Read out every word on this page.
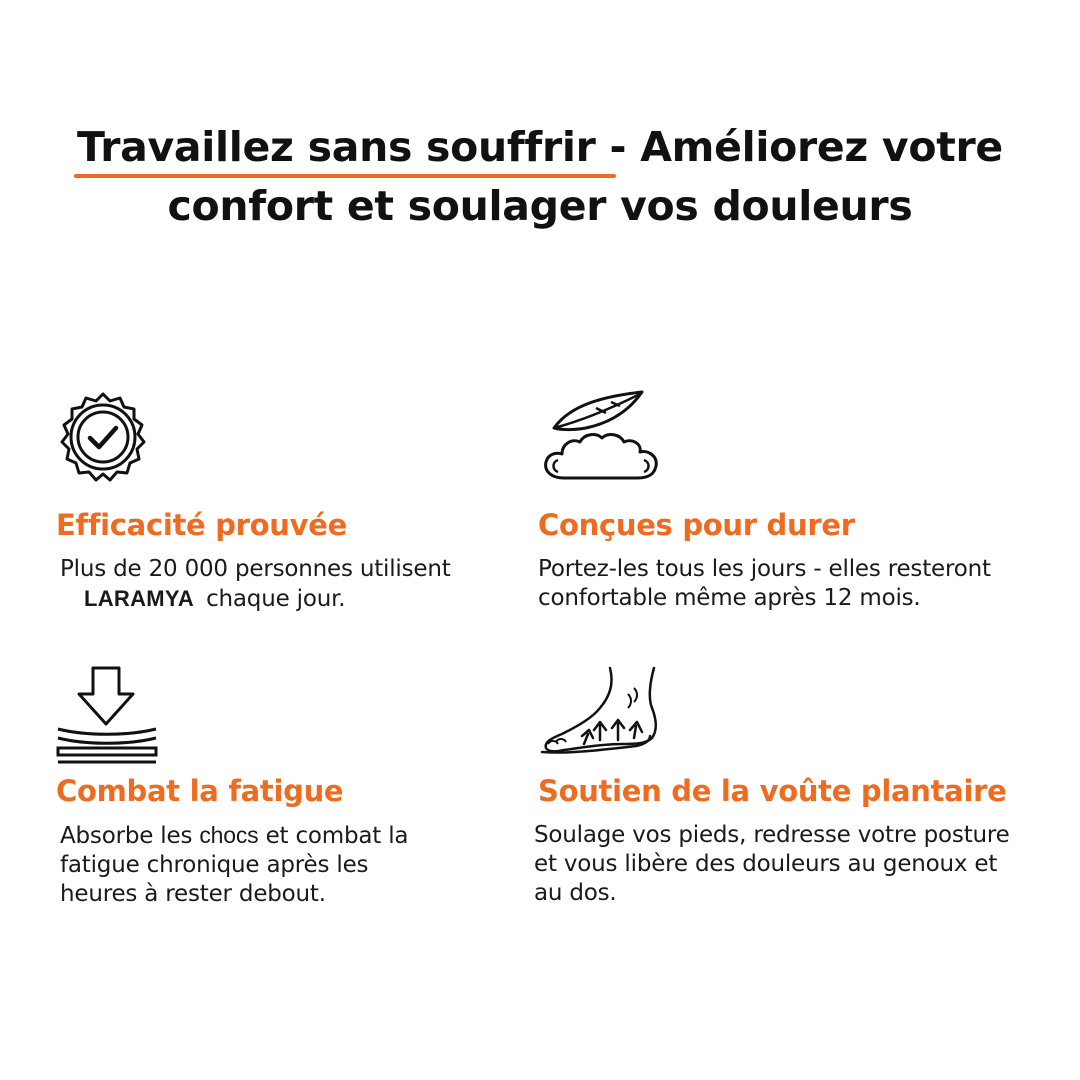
Travaillez sans souffrir - Améliorez votre
confort et soulager vos douleurs
Efficacité prouvée
Plus de 20 000 personnes utilisent
LARAMYA chaque jour.
Conçues pour durer
Portez-les tous les jours - elles resteront
confortable même après 12 mois.
Combat la fatigue
Absorbe les chocs et combat la
fatigue chronique après les
heures à rester debout.
Soutien de la voûte plantaire
Soulage vos pieds, redresse votre posture
et vous libère des douleurs au genoux et
au dos.
